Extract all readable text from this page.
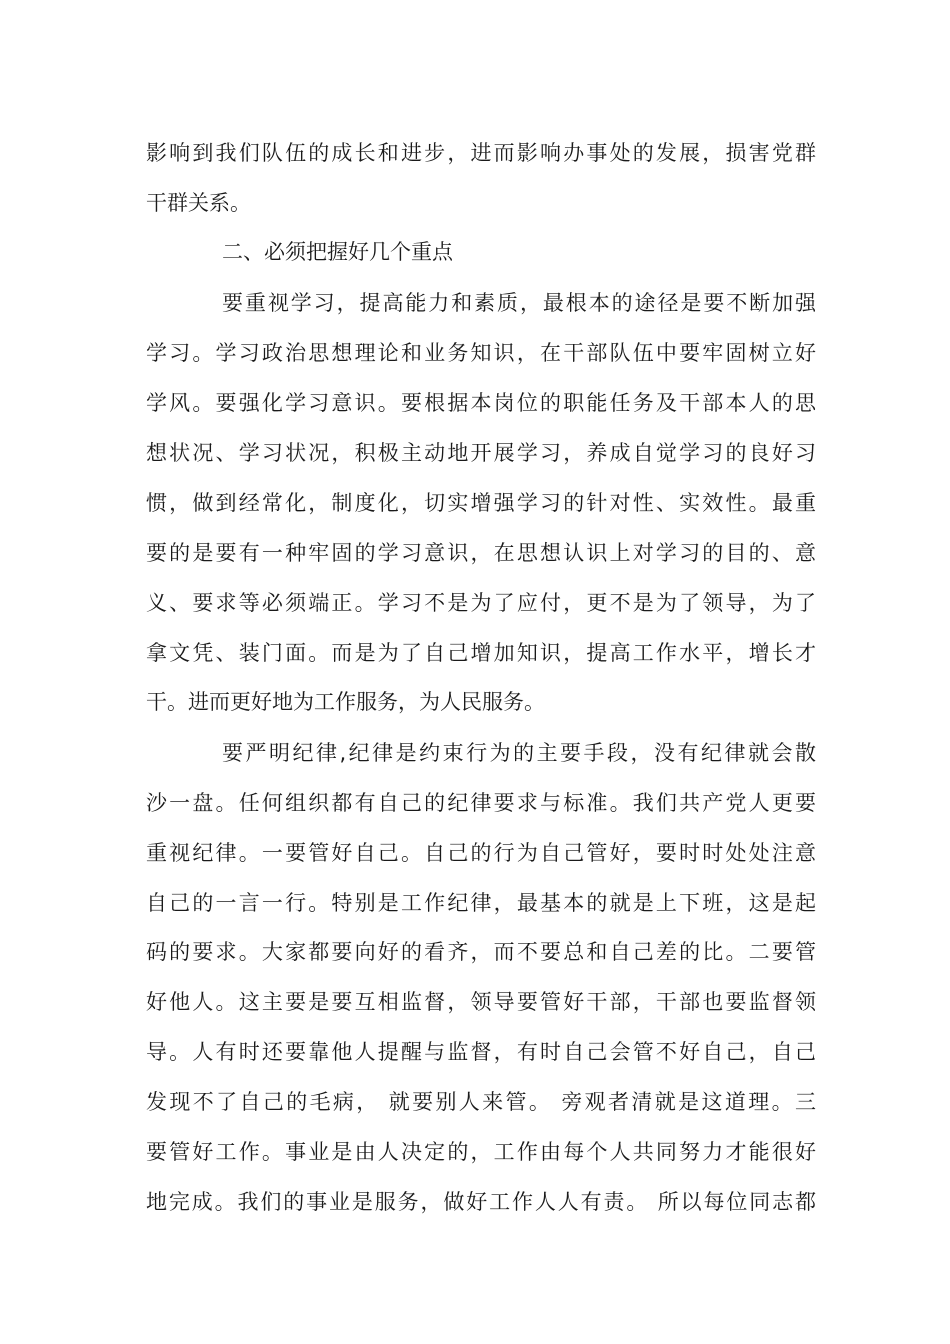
影响到我们队伍的成长和进步，进而影响办事处的发展，损害党群
干群关系。
二、必须把握好几个重点
要重视学习，提高能力和素质，最根本的途径是要不断加强
学习。学习政治思想理论和业务知识，在干部队伍中要牢固树立好
学风。要强化学习意识。要根据本岗位的职能任务及干部本人的思
想状况、学习状况，积极主动地开展学习，养成自觉学习的良好习
惯，做到经常化，制度化，切实增强学习的针对性、实效性。最重
要的是要有一种牢固的学习意识，在思想认识上对学习的目的、意
义、要求等必须端正。学习不是为了应付，更不是为了领导，为了
拿文凭、装门面。而是为了自己增加知识，提高工作水平，增长才
干。进而更好地为工作服务，为人民服务。
要严明纪律,纪律是约束行为的主要手段，没有纪律就会散
沙一盘。任何组织都有自己的纪律要求与标准。我们共产党人更要
重视纪律。一要管好自己。自己的行为自己管好，要时时处处注意
自己的一言一行。特别是工作纪律，最基本的就是上下班，这是起
码的要求。大家都要向好的看齐，而不要总和自己差的比。二要管
好他人。这主要是要互相监督，领导要管好干部，干部也要监督领
导。人有时还要靠他人提醒与监督，有时自己会管不好自己，自己
发现不了自己的毛病， 就要别人来管。 旁观者清就是这道理。三
要管好工作。事业是由人决定的，工作由每个人共同努力才能很好
地完成。我们的事业是服务，做好工作人人有责。 所以每位同志都
